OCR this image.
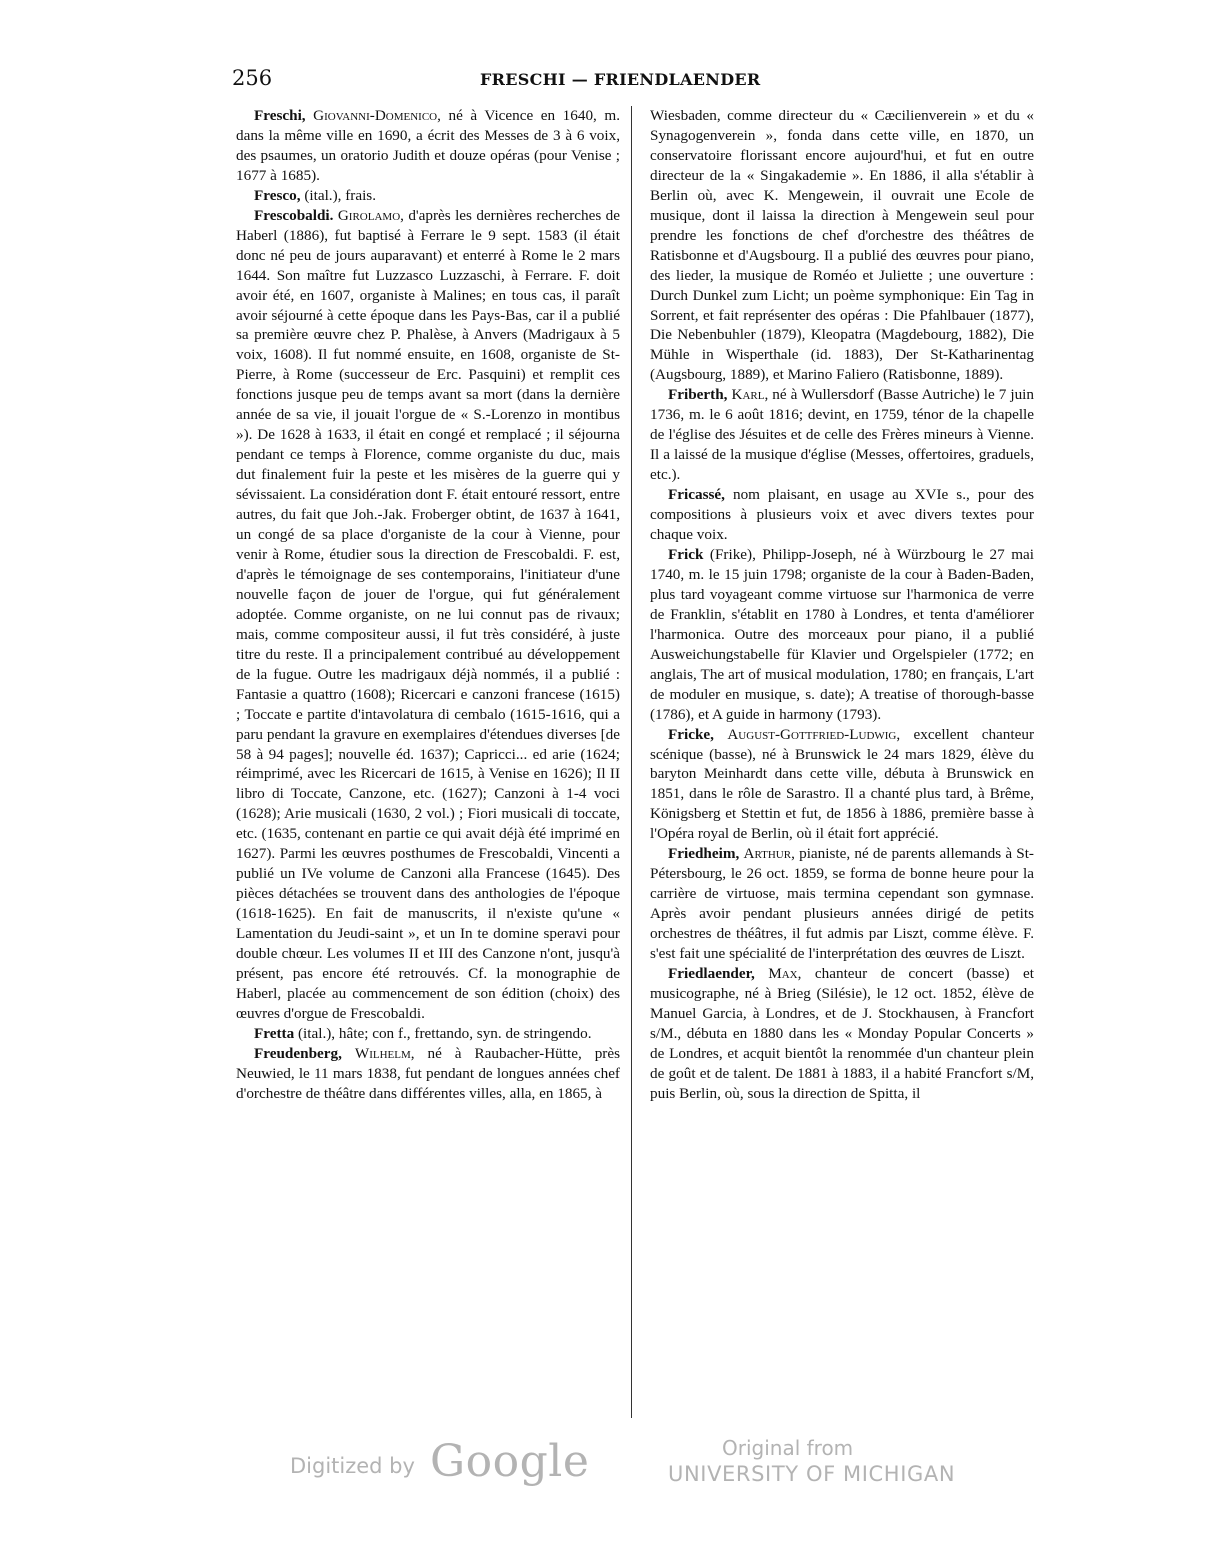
256	FRESCHI — FRIENDLAENDER

Freschi, Giovanni-Domenico, né à Vicence en 1640, m. dans la même ville en 1690, a écrit des Messes de 3 à 6 voix, des psaumes, un oratorio Judith et douze opéras (pour Venise ; 1677 à 1685).

Fresco, (ital.), frais.

Frescobaldi. Girolamo, d'après les dernières recherches de Haberl (1886), fut baptisé à Ferrare le 9 sept. 1583 (il était donc né peu de jours auparavant) et enterré à Rome le 2 mars 1644. Son maître fut Luzzasco Luzzaschi, à Ferrare. F. doit avoir été, en 1607, organiste à Malines; en tous cas, il paraît avoir séjourné à cette époque dans les Pays-Bas, car il a publié sa première œuvre chez P. Phalèse, à Anvers (Madrigaux à 5 voix, 1608). Il fut nommé ensuite, en 1608, organiste de St-Pierre, à Rome (successeur de Erc. Pasquini) et remplit ces fonctions jusque peu de temps avant sa mort (dans la dernière année de sa vie, il jouait l'orgue de « S.-Lorenzo in montibus »). De 1628 à 1633, il était en congé et remplacé ; il séjourna pendant ce temps à Florence, comme organiste du duc, mais dut finalement fuir la peste et les misères de la guerre qui y sévissaient. La considération dont F. était entouré ressort, entre autres, du fait que Joh.-Jak. Froberger obtint, de 1637 à 1641, un congé de sa place d'organiste de la cour à Vienne, pour venir à Rome, étudier sous la direction de Frescobaldi. F. est, d'après le témoignage de ses contemporains, l'initiateur d'une nouvelle façon de jouer de l'orgue, qui fut généralement adoptée. Comme organiste, on ne lui connut pas de rivaux; mais, comme compositeur aussi, il fut très considéré, à juste titre du reste. Il a principalement contribué au développement de la fugue. Outre les madrigaux déjà nommés, il a publié : Fantasie a quattro (1608); Ricercari e canzoni francese (1615) ; Toccate e partite d'intavolatura di cembalo (1615-1616, qui a paru pendant la gravure en exemplaires d'étendues diverses [de 58 à 94 pages]; nouvelle éd. 1637); Capricci... ed arie (1624; réimprimé, avec les Ricercari de 1615, à Venise en 1626); Il II libro di Toccate, Canzone, etc. (1627); Canzoni à 1-4 voci (1628); Arie musicali (1630, 2 vol.) ; Fiori musicali di toccate, etc. (1635, contenant en partie ce qui avait déjà été imprimé en 1627). Parmi les œuvres posthumes de Frescobaldi, Vincenti a publié un IVe volume de Canzoni alla Francese (1645). Des pièces détachées se trouvent dans des anthologies de l'époque (1618-1625). En fait de manuscrits, il n'existe qu'une « Lamentation du Jeudi-saint », et un In te domine speravi pour double chœur. Les volumes II et III des Canzone n'ont, jusqu'à présent, pas encore été retrouvés. Cf. la monographie de Haberl, placée au commencement de son édition (choix) des œuvres d'orgue de Frescobaldi.

Fretta (ital.), hâte; con f., frettando, syn. de stringendo.

Freudenberg, Wilhelm, né à Raubacher-Hütte, près Neuwied, le 11 mars 1838, fut pendant de longues années chef d'orchestre de théâtre dans différentes villes, alla, en 1865, à

Wiesbaden, comme directeur du « Cæcilienverein » et du « Synagogenverein », fonda dans cette ville, en 1870, un conservatoire florissant encore aujourd'hui, et fut en outre directeur de la « Singakademie ». En 1886, il alla s'établir à Berlin où, avec K. Mengewein, il ouvrait une Ecole de musique, dont il laissa la direction à Mengewein seul pour prendre les fonctions de chef d'orchestre des théâtres de Ratisbonne et d'Augsbourg. Il a publié des œuvres pour piano, des lieder, la musique de Roméo et Juliette ; une ouverture : Durch Dunkel zum Licht; un poème symphonique: Ein Tag in Sorrent, et fait représenter des opéras : Die Pfahlbauer (1877), Die Nebenbuhler (1879), Kleopatra (Magdebourg, 1882), Die Mühle in Wisperthale (id. 1883), Der St-Katharinentag (Augsbourg, 1889), et Marino Faliero (Ratisbonne, 1889).

Friberth, Karl, né à Wullersdorf (Basse Autriche) le 7 juin 1736, m. le 6 août 1816; devint, en 1759, ténor de la chapelle de l'église des Jésuites et de celle des Frères mineurs à Vienne. Il a laissé de la musique d'église (Messes, offertoires, graduels, etc.).

Fricassé, nom plaisant, en usage au XVIe s., pour des compositions à plusieurs voix et avec divers textes pour chaque voix.

Frick (Frike), Philipp-Joseph, né à Würzbourg le 27 mai 1740, m. le 15 juin 1798; organiste de la cour à Baden-Baden, plus tard voyageant comme virtuose sur l'harmonica de verre de Franklin, s'établit en 1780 à Londres, et tenta d'améliorer l'harmonica. Outre des morceaux pour piano, il a publié Ausweichungstabelle für Klavier und Orgelspieler (1772; en anglais, The art of musical modulation, 1780; en français, L'art de moduler en musique, s. date); A treatise of thorough-basse (1786), et A guide in harmony (1793).

Fricke, August-Gottfried-Ludwig, excellent chanteur scénique (basse), né à Brunswick le 24 mars 1829, élève du baryton Meinhardt dans cette ville, débuta à Brunswick en 1851, dans le rôle de Sarastro. Il a chanté plus tard, à Brême, Königsberg et Stettin et fut, de 1856 à 1886, première basse à l'Opéra royal de Berlin, où il était fort apprécié.

Friedheim, Arthur, pianiste, né de parents allemands à St-Pétersbourg, le 26 oct. 1859, se forma de bonne heure pour la carrière de virtuose, mais termina cependant son gymnase. Après avoir pendant plusieurs années dirigé de petits orchestres de théâtres, il fut admis par Liszt, comme élève. F. s'est fait une spécialité de l'interprétation des œuvres de Liszt.

Friedlaender, Max, chanteur de concert (basse) et musicographe, né à Brieg (Silésie), le 12 oct. 1852, élève de Manuel Garcia, à Londres, et de J. Stockhausen, à Francfort s/M., débuta en 1880 dans les « Monday Popular Concerts » de Londres, et acquit bientôt la renommée d'un chanteur plein de goût et de talent. De 1881 à 1883, il a habité Francfort s/M, puis Berlin, où, sous la direction de Spitta, il

Digitized by Google	Original from
UNIVERSITY OF MICHIGAN
